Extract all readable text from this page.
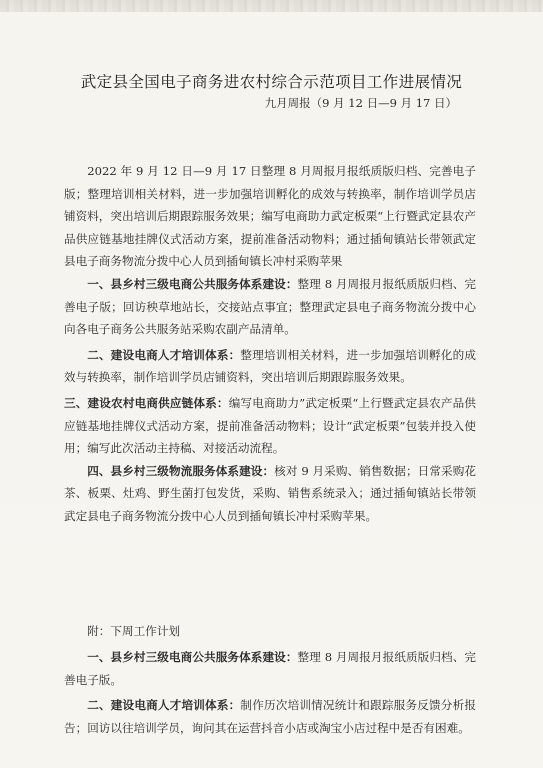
武定县全国电子商务进农村综合示范项目工作进展情况
九月周报（9 月 12 日—9 月 17 日）

2022 年 9 月 12 日—9 月 17 日整理 8 月周报月报纸质版归档、完善电子版；整理培训相关材料，进一步加强培训孵化的成效与转换率，制作培训学员店铺资料，突出培训后期跟踪服务效果；编写电商助力武定板栗“上行暨武定县农产品供应链基地挂牌仪式活动方案，提前准备活动物料；通过插甸镇站长带领武定县电子商务物流分拨中心人员到插甸镇长冲村采购苹果

一、县乡村三级电商公共服务体系建设：整理 8 月周报月报纸质版归档、完善电子版；回访秧草地站长，交接站点事宜；整理武定县电子商务物流分拨中心向各电子商务公共服务站采购农副产品清单。

二、建设电商人才培训体系：整理培训相关材料，进一步加强培训孵化的成效与转换率，制作培训学员店铺资料，突出培训后期跟踪服务效果。

三、建设农村电商供应链体系：编写电商助力”武定板栗“上行暨武定县农产品供应链基地挂牌仪式活动方案，提前准备活动物料；设计“武定板栗”包装并投入使用；编写此次活动主持稿、对接活动流程。

四、县乡村三级物流服务体系建设：核对 9 月采购、销售数据；日常采购花茶、板栗、灶鸡、野生菌打包发货，采购、销售系统录入；通过插甸镇站长带领武定县电子商务物流分拨中心人员到插甸镇长冲村采购苹果。

附：下周工作计划

一、县乡村三级电商公共服务体系建设：整理 8 月周报月报纸质版归档、完善电子版。

二、建设电商人才培训体系：制作历次培训情况统计和跟踪服务反馈分析报告；回访以往培训学员，询问其在运营抖音小店或淘宝小店过程中是否有困难。
